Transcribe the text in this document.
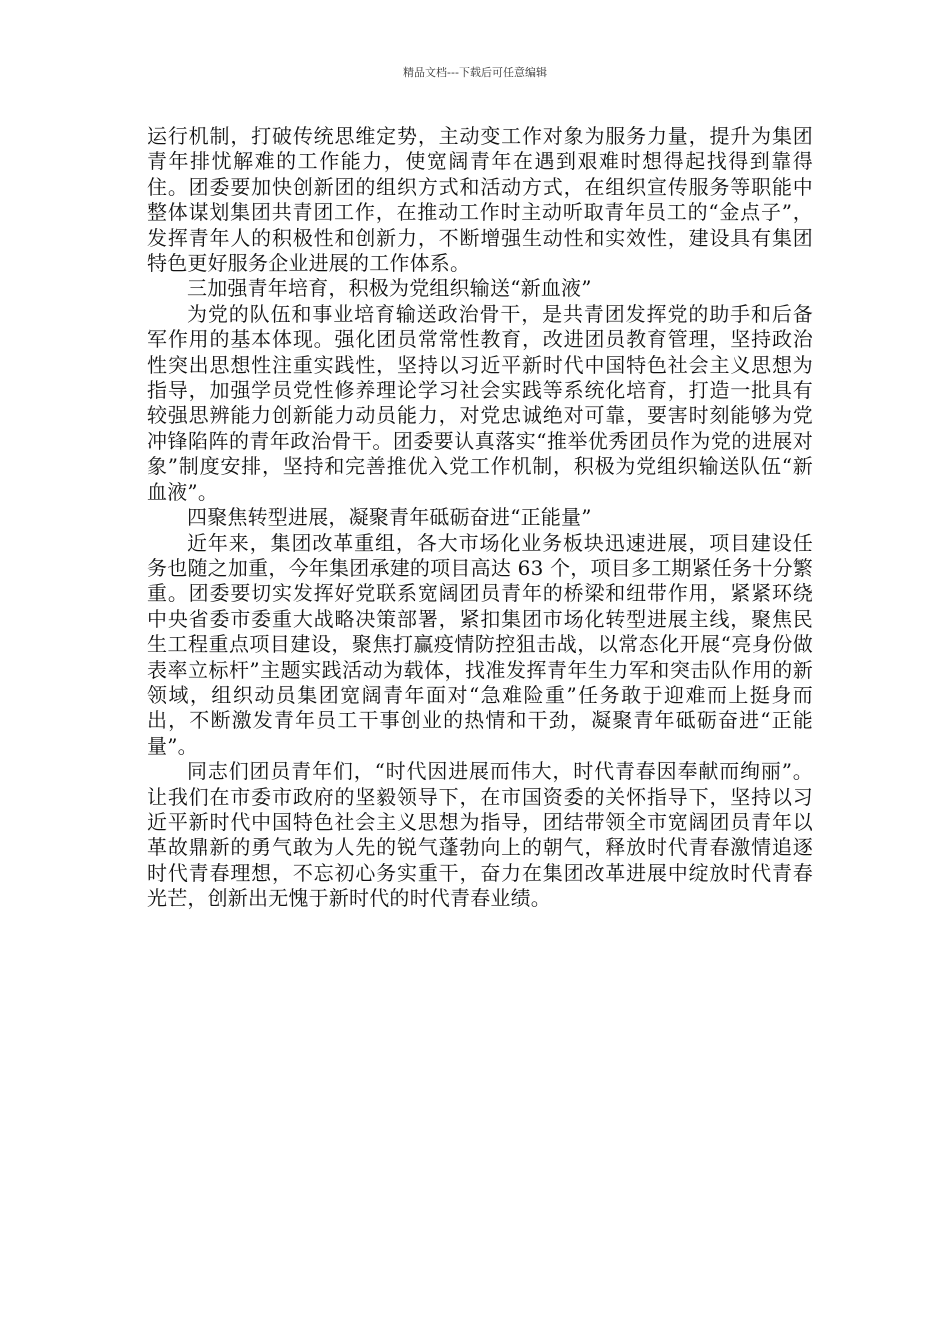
精品文档---下载后可任意编辑

运行机制，打破传统思维定势，主动变工作对象为服务力量，提升为集团青年排忧解难的工作能力，使宽阔青年在遇到艰难时想得起找得到靠得住。团委要加快创新团的组织方式和活动方式，在组织宣传服务等职能中整体谋划集团共青团工作，在推动工作时主动听取青年员工的“金点子”，发挥青年人的积极性和创新力，不断增强生动性和实效性，建设具有集团特色更好服务企业进展的工作体系。

三加强青年培育，积极为党组织输送“新血液”

为党的队伍和事业培育输送政治骨干，是共青团发挥党的助手和后备军作用的基本体现。强化团员常常性教育，改进团员教育管理，坚持政治性突出思想性注重实践性，坚持以习近平新时代中国特色社会主义思想为指导，加强学员党性修养理论学习社会实践等系统化培育，打造一批具有较强思辨能力创新能力动员能力，对党忠诚绝对可靠，要害时刻能够为党冲锋陷阵的青年政治骨干。团委要认真落实“推举优秀团员作为党的进展对象”制度安排，坚持和完善推优入党工作机制，积极为党组织输送队伍“新血液”。

四聚焦转型进展，凝聚青年砥砺奋进“正能量”

近年来，集团改革重组，各大市场化业务板块迅速进展，项目建设任务也随之加重，今年集团承建的项目高达 63 个，项目多工期紧任务十分繁重。团委要切实发挥好党联系宽阔团员青年的桥梁和纽带作用，紧紧环绕中央省委市委重大战略决策部署，紧扣集团市场化转型进展主线，聚焦民生工程重点项目建设，聚焦打赢疫情防控狙击战，以常态化开展“亮身份做表率立标杆”主题实践活动为载体，找准发挥青年生力军和突击队作用的新领域，组织动员集团宽阔青年面对“急难险重”任务敢于迎难而上挺身而出，不断激发青年员工干事创业的热情和干劲，凝聚青年砥砺奋进“正能量”。

同志们团员青年们，“时代因进展而伟大，时代青春因奉献而绚丽”。让我们在市委市政府的坚毅领导下，在市国资委的关怀指导下，坚持以习近平新时代中国特色社会主义思想为指导，团结带领全市宽阔团员青年以革故鼎新的勇气敢为人先的锐气蓬勃向上的朝气，释放时代青春激情追逐时代青春理想，不忘初心务实重干，奋力在集团改革进展中绽放时代青春光芒，创新出无愧于新时代的时代青春业绩。
